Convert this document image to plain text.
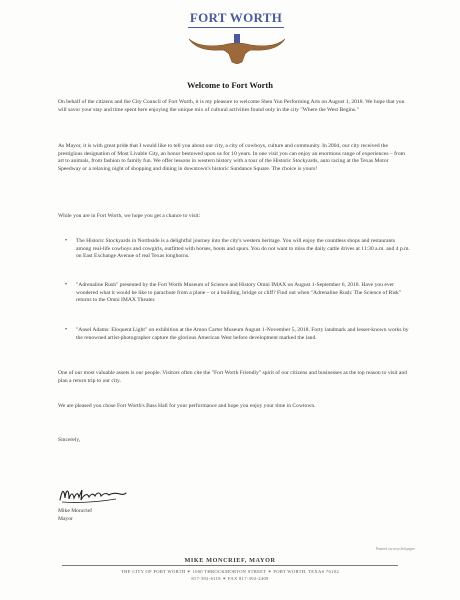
FORT WORTH
Welcome to Fort Worth

On behalf of the citizens and the City Council of Fort Worth, it is my pleasure to welcome Shen Yun Performing Arts on August 1, 2018. We hope that you will savor your stay and time spent here enjoying the unique mix of cultural activities found only in the city "Where the West Begins."

As Mayor, it is with great pride that I would like to tell you about our city, a city of cowboys, culture and community. In 2004, our city received the prestigious designation of Most Livable City, an honor bestowed upon us for 10 years. In one visit you can enjoy an enormous range of experiences – from art to animals, from fashion to family fun. We offer lessons in western history with a tour of the Historic Stockyards, auto racing at the Texas Motor Speedway or a relaxing night of shopping and dining in downtown's historic Sundance Square. The choice is yours!

While you are in Fort Worth, we hope you get a chance to visit:

• The Historic Stockyards in Northside is a delightful journey into the city's western heritage. You will enjoy the countless shops and restaurants among real-life cowboys and cowgirls, outfitted with horses, boots and spurs. You do not want to miss the daily cattle drives at 11:30 a.m. and 4 p.m. on East Exchange Avenue of real Texas longhorns.
• "Adrenaline Rush" presented by the Fort Worth Museum of Science and History Omni IMAX on August 1-September 6, 2018. Have you ever wondered what it would be like to parachute from a plane – or a building, bridge or cliff? Find out when "Adrenaline Rush: The Science of Risk" returns to the Omni IMAX Theater.
• "Ansel Adams: Eloquent Light" on exhibition at the Amon Carter Museum August 1-November 5, 2018. Forty landmark and lesser-known works by the renowned artist-photographer capture the glorious American West before development marked the land.

One of our most valuable assets is our people. Visitors often cite the "Fort Worth Friendly" spirit of our citizens and businesses as the top reason to visit and plan a return trip to our city.

We are pleased you chose Fort Worth's Bass Hall for your performance and hope you enjoy your time in Cowtown.

Sincerely,

Mike Moncrief

Mayor

Printed on recycled paper
MIKE MONCRIEF, MAYOR
THE CITY OF FORT WORTH ✶ 1000 THROCKMORTON STREET ✶ FORT WORTH, TEXAS 76102
817-392-6118 ✶ FAX 817-392-2409
